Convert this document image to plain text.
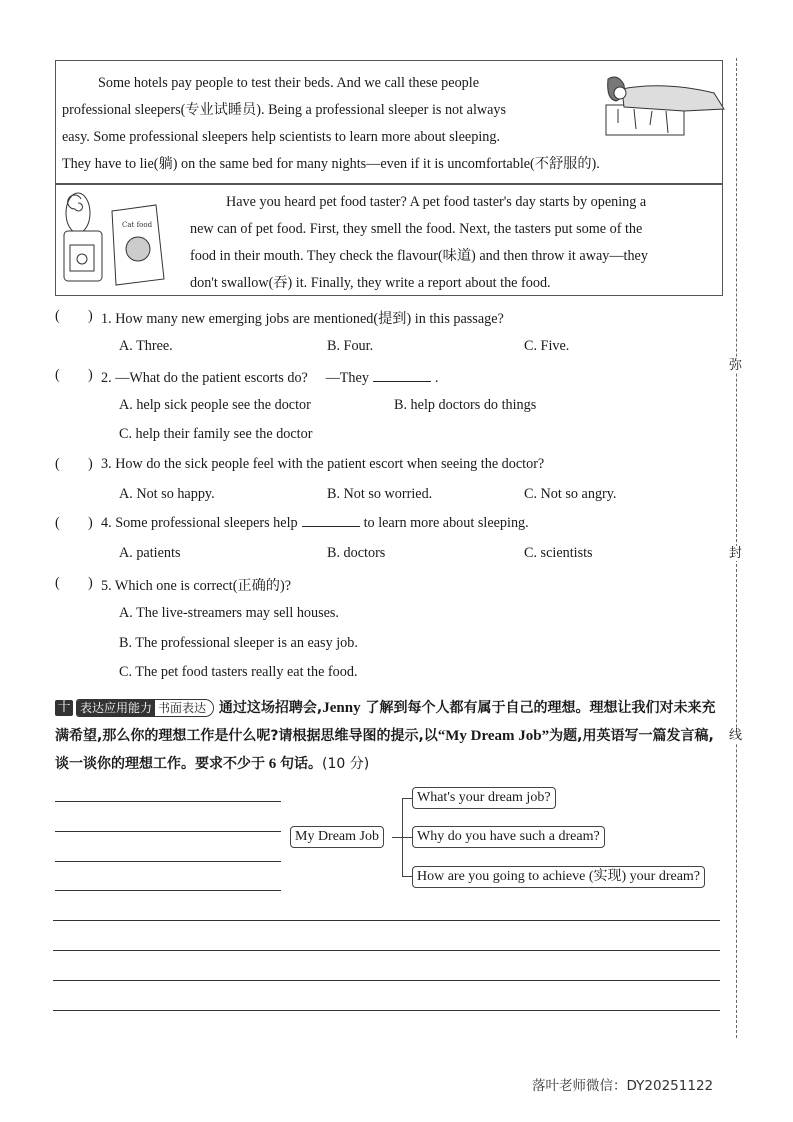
弥
封
线
Some hotels pay people to test their beds. And we call these people
professional sleepers(专业试睡员). Being a professional sleeper is not always
easy. Some professional sleepers help scientists to learn more about sleeping.
They have to lie(躺) on the same bed for many nights—even if it is uncomfortable(不舒服的).
Cat food
Have you heard pet food taster? A pet food taster's day starts by opening a
new can of pet food. First, they smell the food. Next, the tasters put some of the
food in their mouth. They check the flavour(味道) and then throw it away—they
don't swallow(吞) it. Finally, they write a report about the food.
( ) 1. How many new emerging jobs are mentioned(提到) in this passage?
A. Three.	B. Four.	C. Five.
( ) 2. —What do the patient escorts do?　 —They	.
A. help sick people see the doctor	B. help doctors do things
C. help their family see the doctor
( ) 3. How do the sick people feel with the patient escort when seeing the doctor?
A. Not so happy.	B. Not so worried.	C. Not so angry.
( ) 4. Some professional sleepers help	to learn more about sleeping.
A. patients	B. doctors	C. scientists
( ) 5. Which one is correct(正确的)?
A. The live-streamers may sell houses.
B. The professional sleeper is an easy job.
C. The pet food tasters really eat the food.
十 表达应用能力 书面表达 通过这场招聘会,Jenny 了解到每个人都有属于自己的理想。理想让我们对未来充满希望,那么你的理想工作是什么呢?请根据思维导图的提示,以“My Dream Job”为题,用英语写一篇发言稿,谈一谈你的理想工作。要求不少于 6 句话。(10 分)
My Dream Job
What's your dream job?
Why do you have such a dream?
How are you going to achieve (实现) your dream?
落叶老师微信：DY20251122
